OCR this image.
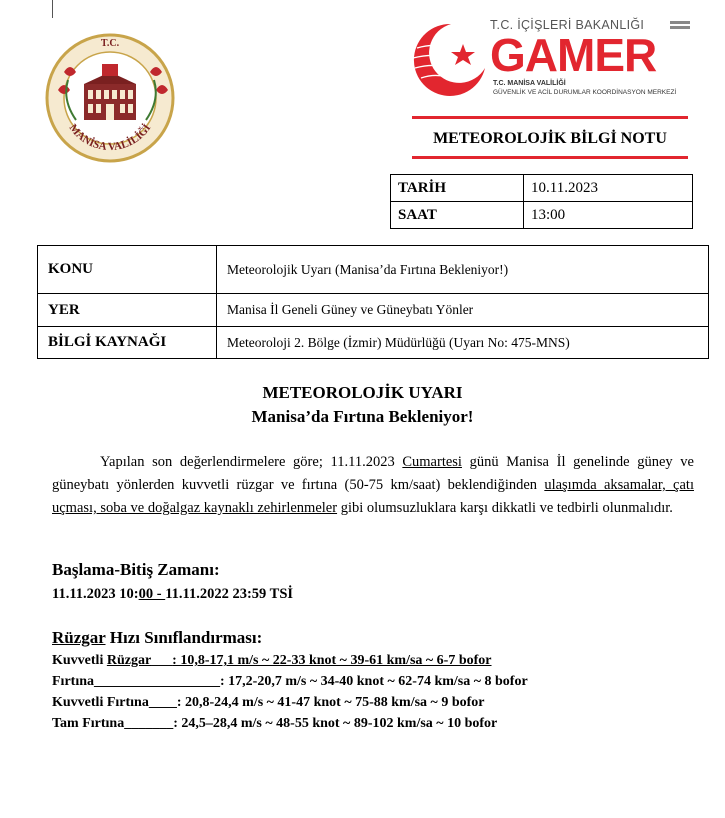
T.C.
MANİSA VALİLİĞİ
T.C. İÇİŞLERİ BAKANLIĞI
GAMER
T.C. MANİSA VALİLİĞİ
GÜVENLİK VE ACİL DURUMLAR KOORDİNASYON MERKEZİ
METEOROLOJİK BİLGİ NOTU
TARİH	10.11.2023
SAAT	13:00
KONU	Meteorolojik Uyarı (Manisa’da Fırtına Bekleniyor!)
YER	Manisa İl Geneli Güney ve Güneybatı Yönler
BİLGİ KAYNAĞI	Meteoroloji 2. Bölge (İzmir) Müdürlüğü (Uyarı No: 475-MNS)
METEOROLOJİK UYARI
Manisa’da Fırtına Bekleniyor!
Yapılan son değerlendirmelere göre; 11.11.2023 Cumartesi günü Manisa İl genelinde güney ve güneybatı yönlerden kuvvetli rüzgar ve fırtına (50-75 km/saat) beklendiğinden ulaşımda aksamalar, çatı uçması, soba ve doğalgaz kaynaklı zehirlenmeler gibi olumsuzluklara karşı dikkatli ve tedbirli olunmalıdır.
Başlama-Bitiş Zamanı:
11.11.2023 10:00 - 11.11.2022 23:59 TSİ
Rüzgar Hızı Sınıflandırması:
Kuvvetli Rüzgar___: 10,8-17,1 m/s ~ 22-33 knot ~ 39-61 km/sa ~ 6-7 bofor
Fırtına__________________: 17,2-20,7 m/s ~ 34-40 knot ~ 62-74 km/sa ~ 8 bofor
Kuvvetli Fırtına____: 20,8-24,4 m/s ~ 41-47 knot ~ 75-88 km/sa ~ 9 bofor
Tam Fırtına_______: 24,5–28,4 m/s ~ 48-55 knot ~ 89-102 km/sa ~ 10 bofor
